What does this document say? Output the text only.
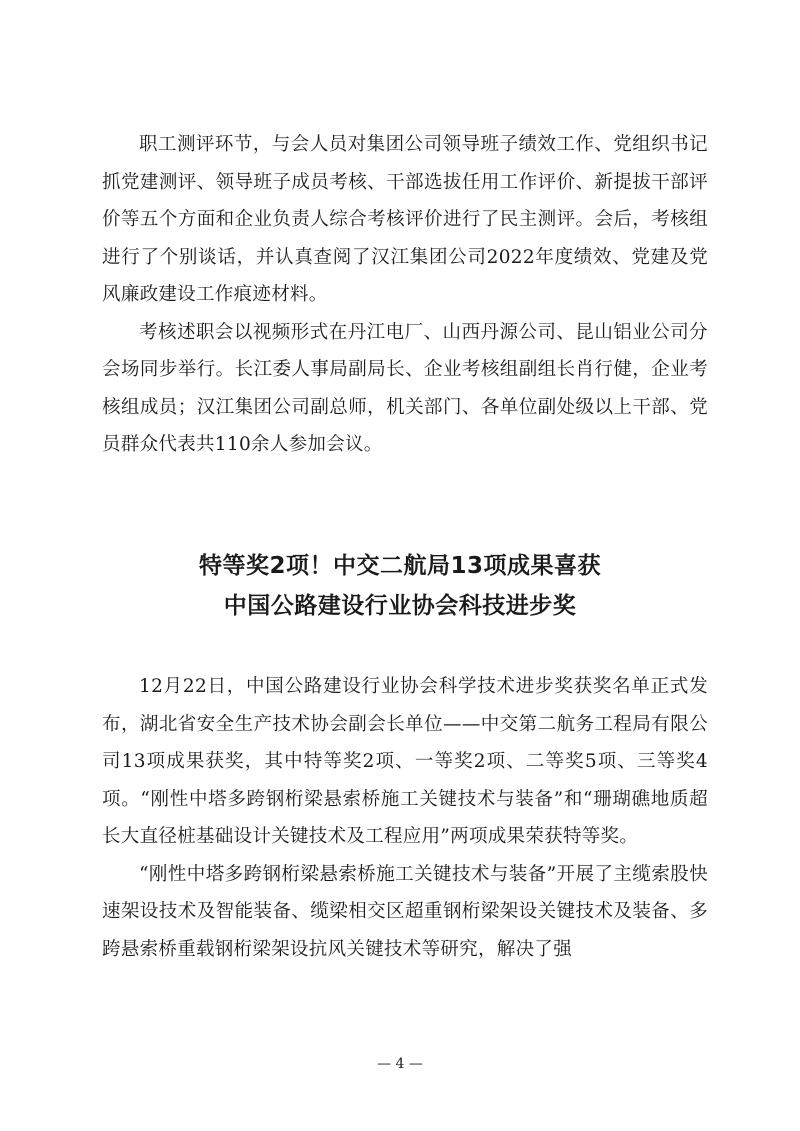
职工测评环节，与会人员对集团公司领导班子绩效工作、党组织书记抓党建测评、领导班子成员考核、干部选拔任用工作评价、新提拔干部评价等五个方面和企业负责人综合考核评价进行了民主测评。会后，考核组进行了个别谈话，并认真查阅了汉江集团公司2022年度绩效、党建及党风廉政建设工作痕迹材料。

考核述职会以视频形式在丹江电厂、山西丹源公司、昆山铝业公司分会场同步举行。长江委人事局副局长、企业考核组副组长肖行健，企业考核组成员；汉江集团公司副总师，机关部门、各单位副处级以上干部、党员群众代表共110余人参加会议。

特等奖2项！中交二航局13项成果喜获
中国公路建设行业协会科技进步奖

12月22日，中国公路建设行业协会科学技术进步奖获奖名单正式发布，湖北省安全生产技术协会副会长单位——中交第二航务工程局有限公司13项成果获奖，其中特等奖2项、一等奖2项、二等奖5项、三等奖4项。“刚性中塔多跨钢桁梁悬索桥施工关键技术与装备”和“珊瑚礁地质超长大直径桩基础设计关键技术及工程应用”两项成果荣获特等奖。

“刚性中塔多跨钢桁梁悬索桥施工关键技术与装备”开展了主缆索股快速架设技术及智能装备、缆梁相交区超重钢桁梁架设关键技术及装备、多跨悬索桥重载钢桁梁架设抗风关键技术等研究，解决了强

— 4 —
